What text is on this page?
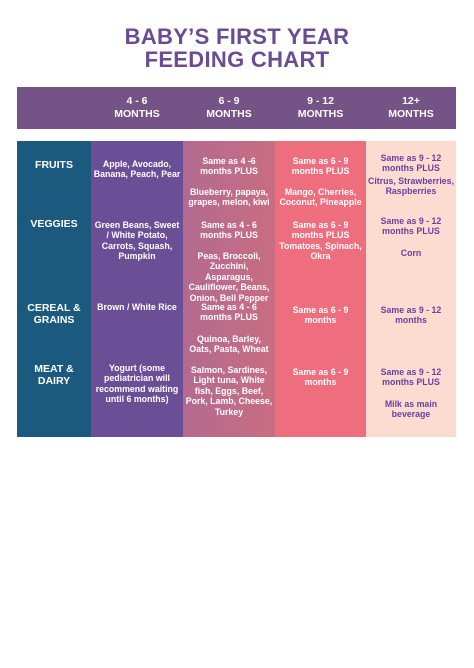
BABY’S FIRST YEAR
FEEDING CHART
4 - 6
MONTHS
6 - 9
MONTHS
9 - 12
MONTHS
12+
MONTHS
FRUITS
VEGGIES
CEREAL &
GRAINS
MEAT &
DAIRY
Apple, Avocado,
Banana, Peach, Pear
Green Beans, Sweet
/ White Potato,
Carrots, Squash,
Pumpkin
Brown / White Rice
Yogurt (some
pediatrician will
recommend waiting
until 6 months)
Same as 4 -6
months PLUS
Blueberry, papaya,
grapes, melon, kiwi
Same as 4 - 6
months PLUS
Peas, Broccoli,
Zucchini, Asparagus,
Cauliflower, Beans,
Onion, Bell Pepper
Same as 4 - 6
months PLUS
Quinoa, Barley,
Oats, Pasta, Wheat
Salmon, Sardines,
Light tuna, White
fish, Eggs, Beef,
Pork, Lamb, Cheese,
Turkey
Same as 6 - 9
months PLUS
Mango, Cherries,
Coconut, Pineapple
Same as 6 - 9
months PLUS
Tomatoes, Spinach,
Okra
Same as 6 - 9
months
Same as 6 - 9
months
Same as 9 - 12
months PLUS
Citrus, Strawberries,
Raspberries
Same as 9 - 12
months PLUS
Corn
Same as 9 - 12
months
Same as 9 - 12
months PLUS
Milk as main
beverage
